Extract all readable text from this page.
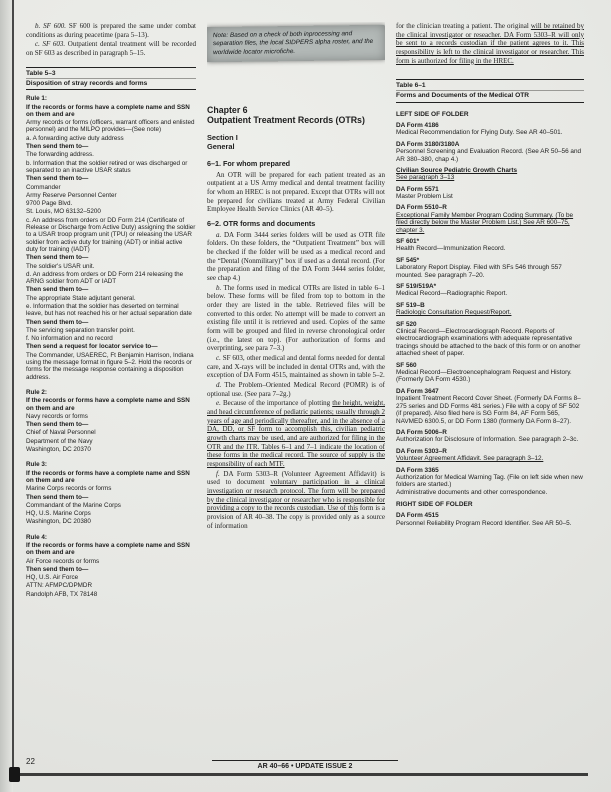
b. SF 600. SF 600 is prepared the same under combat conditions as during peacetime (para 5–13).

c. SF 603. Outpatient dental treatment will be recorded on SF 603 as described in paragraph 5–15.

Table 5–3
Disposition of stray records and forms
Rule 1:
If the records or forms have a complete name and SSN on them and are
Army records or forms (officers, warrant officers and enlisted personnel) and the MILPO provides—(See note)
a. A forwarding active duty address
Then send them to—
The forwarding address.
b. Information that the soldier retired or was discharged or separated to an inactive USAR status
Then send them to—
Commander
Army Reserve Personnel Center
9700 Page Blvd.
St. Louis, MO 63132–5200
c. An address from orders or DD Form 214 (Certificate of Release or Discharge from Active Duty) assigning the soldier to a USAR troop program unit (TPU) or releasing the USAR soldier from active duty for training (ADT) or initial active duty for training (IADT)
Then send them to—
The soldier's USAR unit.
d. An address from orders or DD Form 214 releasing the ARNG soldier from ADT or IADT
Then send them to—
The appropriate State adjutant general.
e. Information that the soldier has deserted on terminal leave, but has not reached his or her actual separation date
Then send them to—
The servicing separation transfer point.
f. No information and no record
Then send a request for locator service to—
The Commander, USAEREC, Ft Benjamin Harrison, Indiana using the message format in figure 5–2. Hold the records or forms for the message response containing a disposition address.
Rule 2:
If the records or forms have a complete name and SSN on them and are
Navy records or forms
Then send them to—
Chief of Naval Personnel
Department of the Navy
Washington, DC 20370
Rule 3:
If the records or forms have a complete name and SSN on them and are
Marine Corps records or forms
Then send them to—
Commandant of the Marine Corps
HQ, U.S. Marine Corps
Washington, DC 20380
Rule 4:
If the records or forms have a complete name and SSN on them and are
Air Force records or forms
Then send them to—
HQ, U.S. Air Force
ATTN: AFMPC/DPMDR
Randolph AFB, TX 78148
Note: Based on a check of both inprocessing and separation files, the local SIDPERS alpha roster, and the worldwide locator microfiche.
Chapter 6
Outpatient Treatment Records (OTRs)
Section I
General
6–1. For whom prepared

An OTR will be prepared for each patient treated as an outpatient at a US Army medical and dental treatment facility for whom an HREC is not prepared. Except that OTRs will not be prepared for civilians treated at Army Federal Civilian Employee Health Service Clinics (AR 40–5).

6–2. OTR forms and documents

a. DA Form 3444 series folders will be used as OTR file folders. On these folders, the “Outpatient Treatment” box will be checked if the folder will be used as a medical record and the “Dental (Nonmilitary)” box if used as a dental record. (For the preparation and filing of the DA Form 3444 series folder, see chap 4.)

b. The forms used in medical OTRs are listed in table 6–1 below. These forms will be filed from top to bottom in the order they are listed in the table. Retrieved files will be converted to this order. No attempt will be made to convert an existing file until it is retrieved and used. Copies of the same form will be grouped and filed in reverse chronological order (i.e., the latest on top). (For authorization of forms and overprinting, see para 7–3.)

c. SF 603, other medical and dental forms needed for dental care, and X-rays will be included in dental OTRs and, with the exception of DA Form 4515, maintained as shown in table 5–2.

d. The Problem–Oriented Medical Record (POMR) is of optional use. (See para 7–2g.)

e. Because of the importance of plotting the height, weight, and head circumference of pediatric patients; usually through 2 years of age and periodically thereafter, and in the absence of a DA, DD, or SF form to accomplish this, civilian pediatric growth charts may be used, and are authorized for filing in the OTR and the ITR. Tables 6–1 and 7–1 indicate the location of these forms in the medical record. The source of supply is the responsibility of each MTF.

f. DA Form 5303–R (Volunteer Agreement Affidavit) is used to document voluntary participation in a clinical investigation or research protocol. The form will be prepared by the clinical investigator or researcher who is responsible for providing a copy to the records custodian. Use of this form is a provision of AR 40–38. The copy is provided only as a source of information

for the clinician treating a patient. The original will be retained by the clinical investigator or reseacher. DA Form 5303–R will only be sent to a records custodian if the patient agrees to it. This responsibility is left to the clinical investigator or researcher. This form is authorized for filing in the HREC.

Table 6–1
Forms and Documents of the Medical OTR
LEFT SIDE OF FOLDER
DA Form 4186
Medical Recommendation for Flying Duty. See AR 40–501.
DA Form 3180/3180A
Personnel Screening and Evaluation Record. (See AR 50–56 and AR 380–380, chap 4.)
Civilian Source Pediatric Growth Charts
See paragraph 3–13
DA Form 5571
Master Problem List
DA Form 5510–R
Exceptional Family Member Program Coding Summary. (To be filed directly below the Master Problem List.) See AR 600–75, chapter 3.
SF 601*
Health Record—Immunization Record.
SF 545*
Laboratory Report Display. Filed with SFs 546 through 557 mounted. See paragraph 7–20.
SF 519/519A*
Medical Record—Radiographic Report.
SF 519–B
Radiologic Consultation Request/Report.
SF 520
Clinical Record—Electrocardiograph Record. Reports of electrocardiograph examinations with adequate representative tracings should be attached to the back of this form or on another attached sheet of paper.
SF 560
Medical Record—Electroencephalogram Request and History. (Formerly DA Form 4530.)
DA Form 3647
Inpatient Treatment Record Cover Sheet. (Formerly DA Forms 8–275 series and DD Forms 481 series.) File with a copy of SF 502 (if prepared). Also filed here is SG Form 84, AF Form 565, NAVMED 6300.5, or DD Form 1380 (formerly DA Form 8–27).
DA Form 5006–R
Authorization for Disclosure of Information. See paragraph 2–3c.
DA Form 5303–R
Volunteer Agreement Affidavit. See paragraph 3–12.
DA Form 3365
Authorization for Medical Warning Tag. (File on left side when new folders are started.)
Administrative documents and other correspondence.
RIGHT SIDE OF FOLDER
DA Form 4515
Personnel Reliability Program Record Identifier. See AR 50–5.
22
AR 40–66 • UPDATE ISSUE 2
